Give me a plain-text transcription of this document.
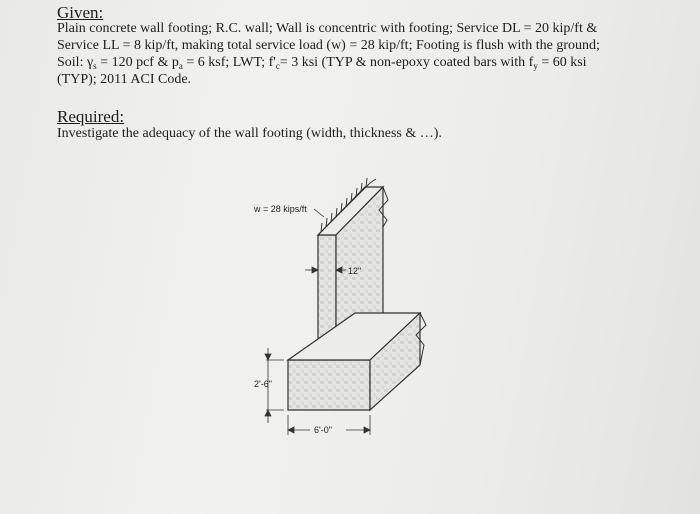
Given:
Plain concrete wall footing; R.C. wall; Wall is concentric with footing; Service DL = 20 kip/ft &
Service LL = 8 kip/ft, making total service load (w) = 28 kip/ft; Footing is flush with the ground;
Soil: $\gamma_s = 120$ pcf & $p_a = 6$ ksf; LWT; $f'_c= 3$ ksi (TYP & non-epoxy coated bars with $f_y = 60$ ksi
(TYP); 2011 ACI Code.
Required:
Investigate the adequacy of the wall footing (width, thickness & …).
w = 28 kips/ft
12"
2'-6"
6'-0"
